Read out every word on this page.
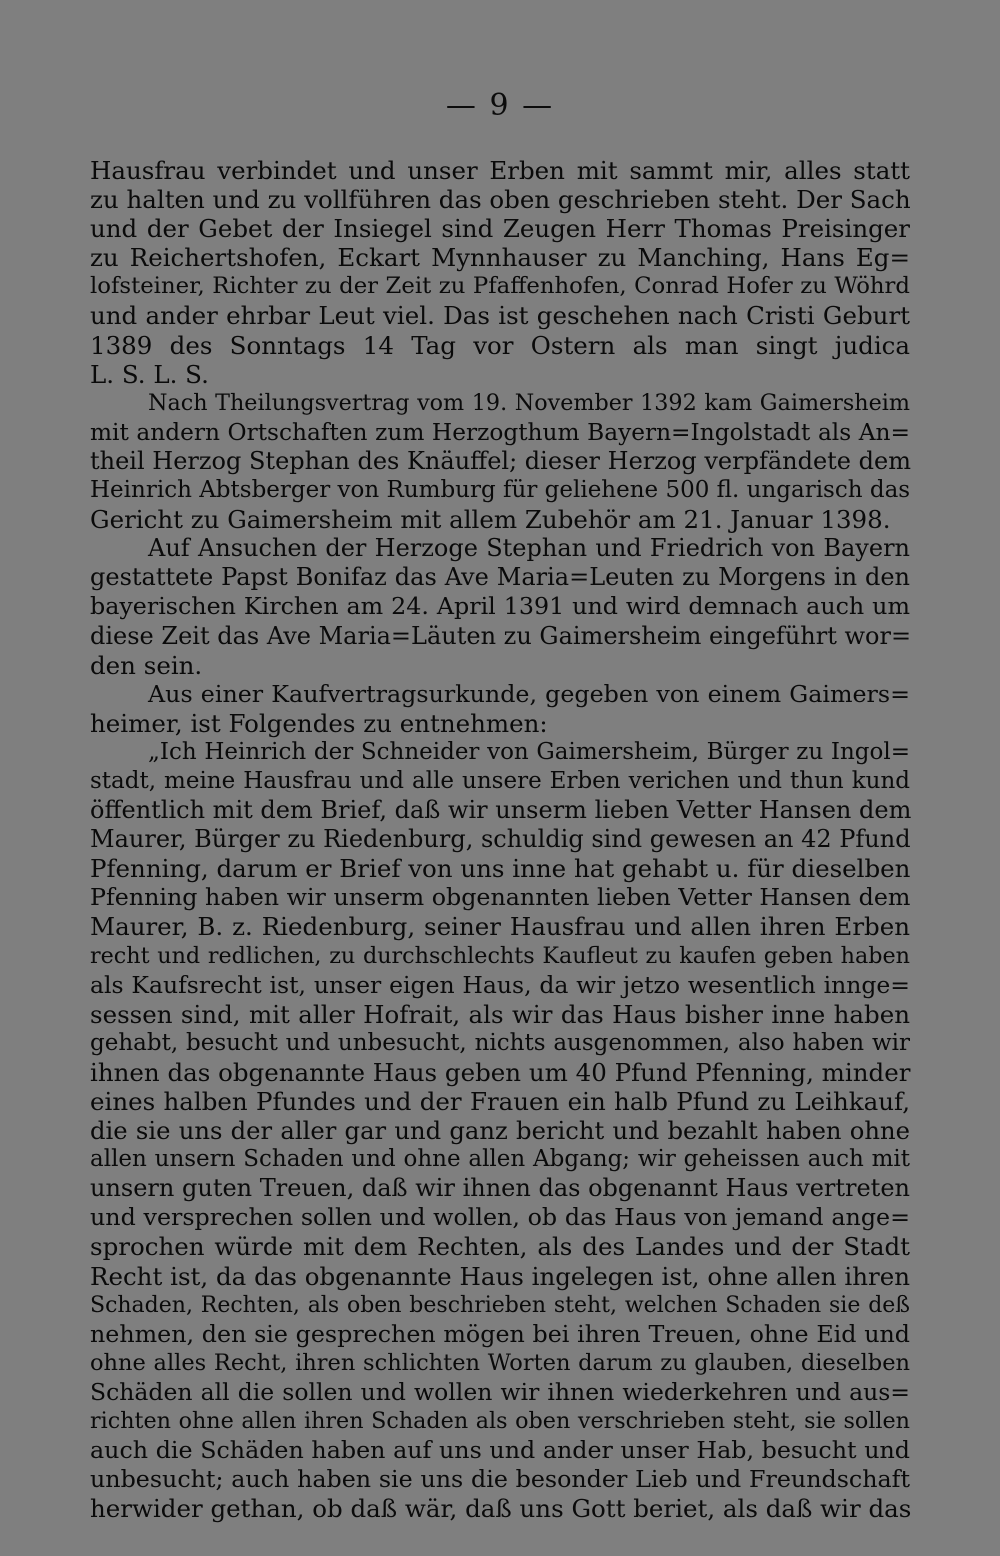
— 9 —
Hausfrau verbindet und unser Erben mit sammt mir, alles statt
zu halten und zu vollführen das oben geschrieben steht. Der Sach
und der Gebet der Insiegel sind Zeugen Herr Thomas Preisinger
zu Reichertshofen, Eckart Mynnhauser zu Manching, Hans Eg=
lofsteiner, Richter zu der Zeit zu Pfaffenhofen, Conrad Hofer zu Wöhrd
und ander ehrbar Leut viel. Das ist geschehen nach Cristi Geburt
1389 des Sonntags 14 Tag vor Ostern als man singt judica
L. S. L. S.
Nach Theilungsvertrag vom 19. November 1392 kam Gaimersheim
mit andern Ortschaften zum Herzogthum Bayern=Ingolstadt als An=
theil Herzog Stephan des Knäuffel; dieser Herzog verpfändete dem
Heinrich Abtsberger von Rumburg für geliehene 500 fl. ungarisch das
Gericht zu Gaimersheim mit allem Zubehör am 21. Januar 1398.
Auf Ansuchen der Herzoge Stephan und Friedrich von Bayern
gestattete Papst Bonifaz das Ave Maria=Leuten zu Morgens in den
bayerischen Kirchen am 24. April 1391 und wird demnach auch um
diese Zeit das Ave Maria=Läuten zu Gaimersheim eingeführt wor=
den sein.
Aus einer Kaufvertragsurkunde, gegeben von einem Gaimers=
heimer, ist Folgendes zu entnehmen:
„Ich Heinrich der Schneider von Gaimersheim, Bürger zu Ingol=
stadt, meine Hausfrau und alle unsere Erben verichen und thun kund
öffentlich mit dem Brief, daß wir unserm lieben Vetter Hansen dem
Maurer, Bürger zu Riedenburg, schuldig sind gewesen an 42 Pfund
Pfenning, darum er Brief von uns inne hat gehabt u. für dieselben
Pfenning haben wir unserm obgenannten lieben Vetter Hansen dem
Maurer, B. z. Riedenburg, seiner Hausfrau und allen ihren Erben
recht und redlichen, zu durchschlechts Kaufleut zu kaufen geben haben
als Kaufsrecht ist, unser eigen Haus, da wir jetzo wesentlich innge=
sessen sind, mit aller Hofrait, als wir das Haus bisher inne haben
gehabt, besucht und unbesucht, nichts ausgenommen, also haben wir
ihnen das obgenannte Haus geben um 40 Pfund Pfenning, minder
eines halben Pfundes und der Frauen ein halb Pfund zu Leihkauf,
die sie uns der aller gar und ganz bericht und bezahlt haben ohne
allen unsern Schaden und ohne allen Abgang; wir geheissen auch mit
unsern guten Treuen, daß wir ihnen das obgenannt Haus vertreten
und versprechen sollen und wollen, ob das Haus von jemand ange=
sprochen würde mit dem Rechten, als des Landes und der Stadt
Recht ist, da das obgenannte Haus ingelegen ist, ohne allen ihren
Schaden, Rechten, als oben beschrieben steht, welchen Schaden sie deß
nehmen, den sie gesprechen mögen bei ihren Treuen, ohne Eid und
ohne alles Recht, ihren schlichten Worten darum zu glauben, dieselben
Schäden all die sollen und wollen wir ihnen wiederkehren und aus=
richten ohne allen ihren Schaden als oben verschrieben steht, sie sollen
auch die Schäden haben auf uns und ander unser Hab, besucht und
unbesucht; auch haben sie uns die besonder Lieb und Freundschaft
herwider gethan, ob daß wär, daß uns Gott beriet, als daß wir das
